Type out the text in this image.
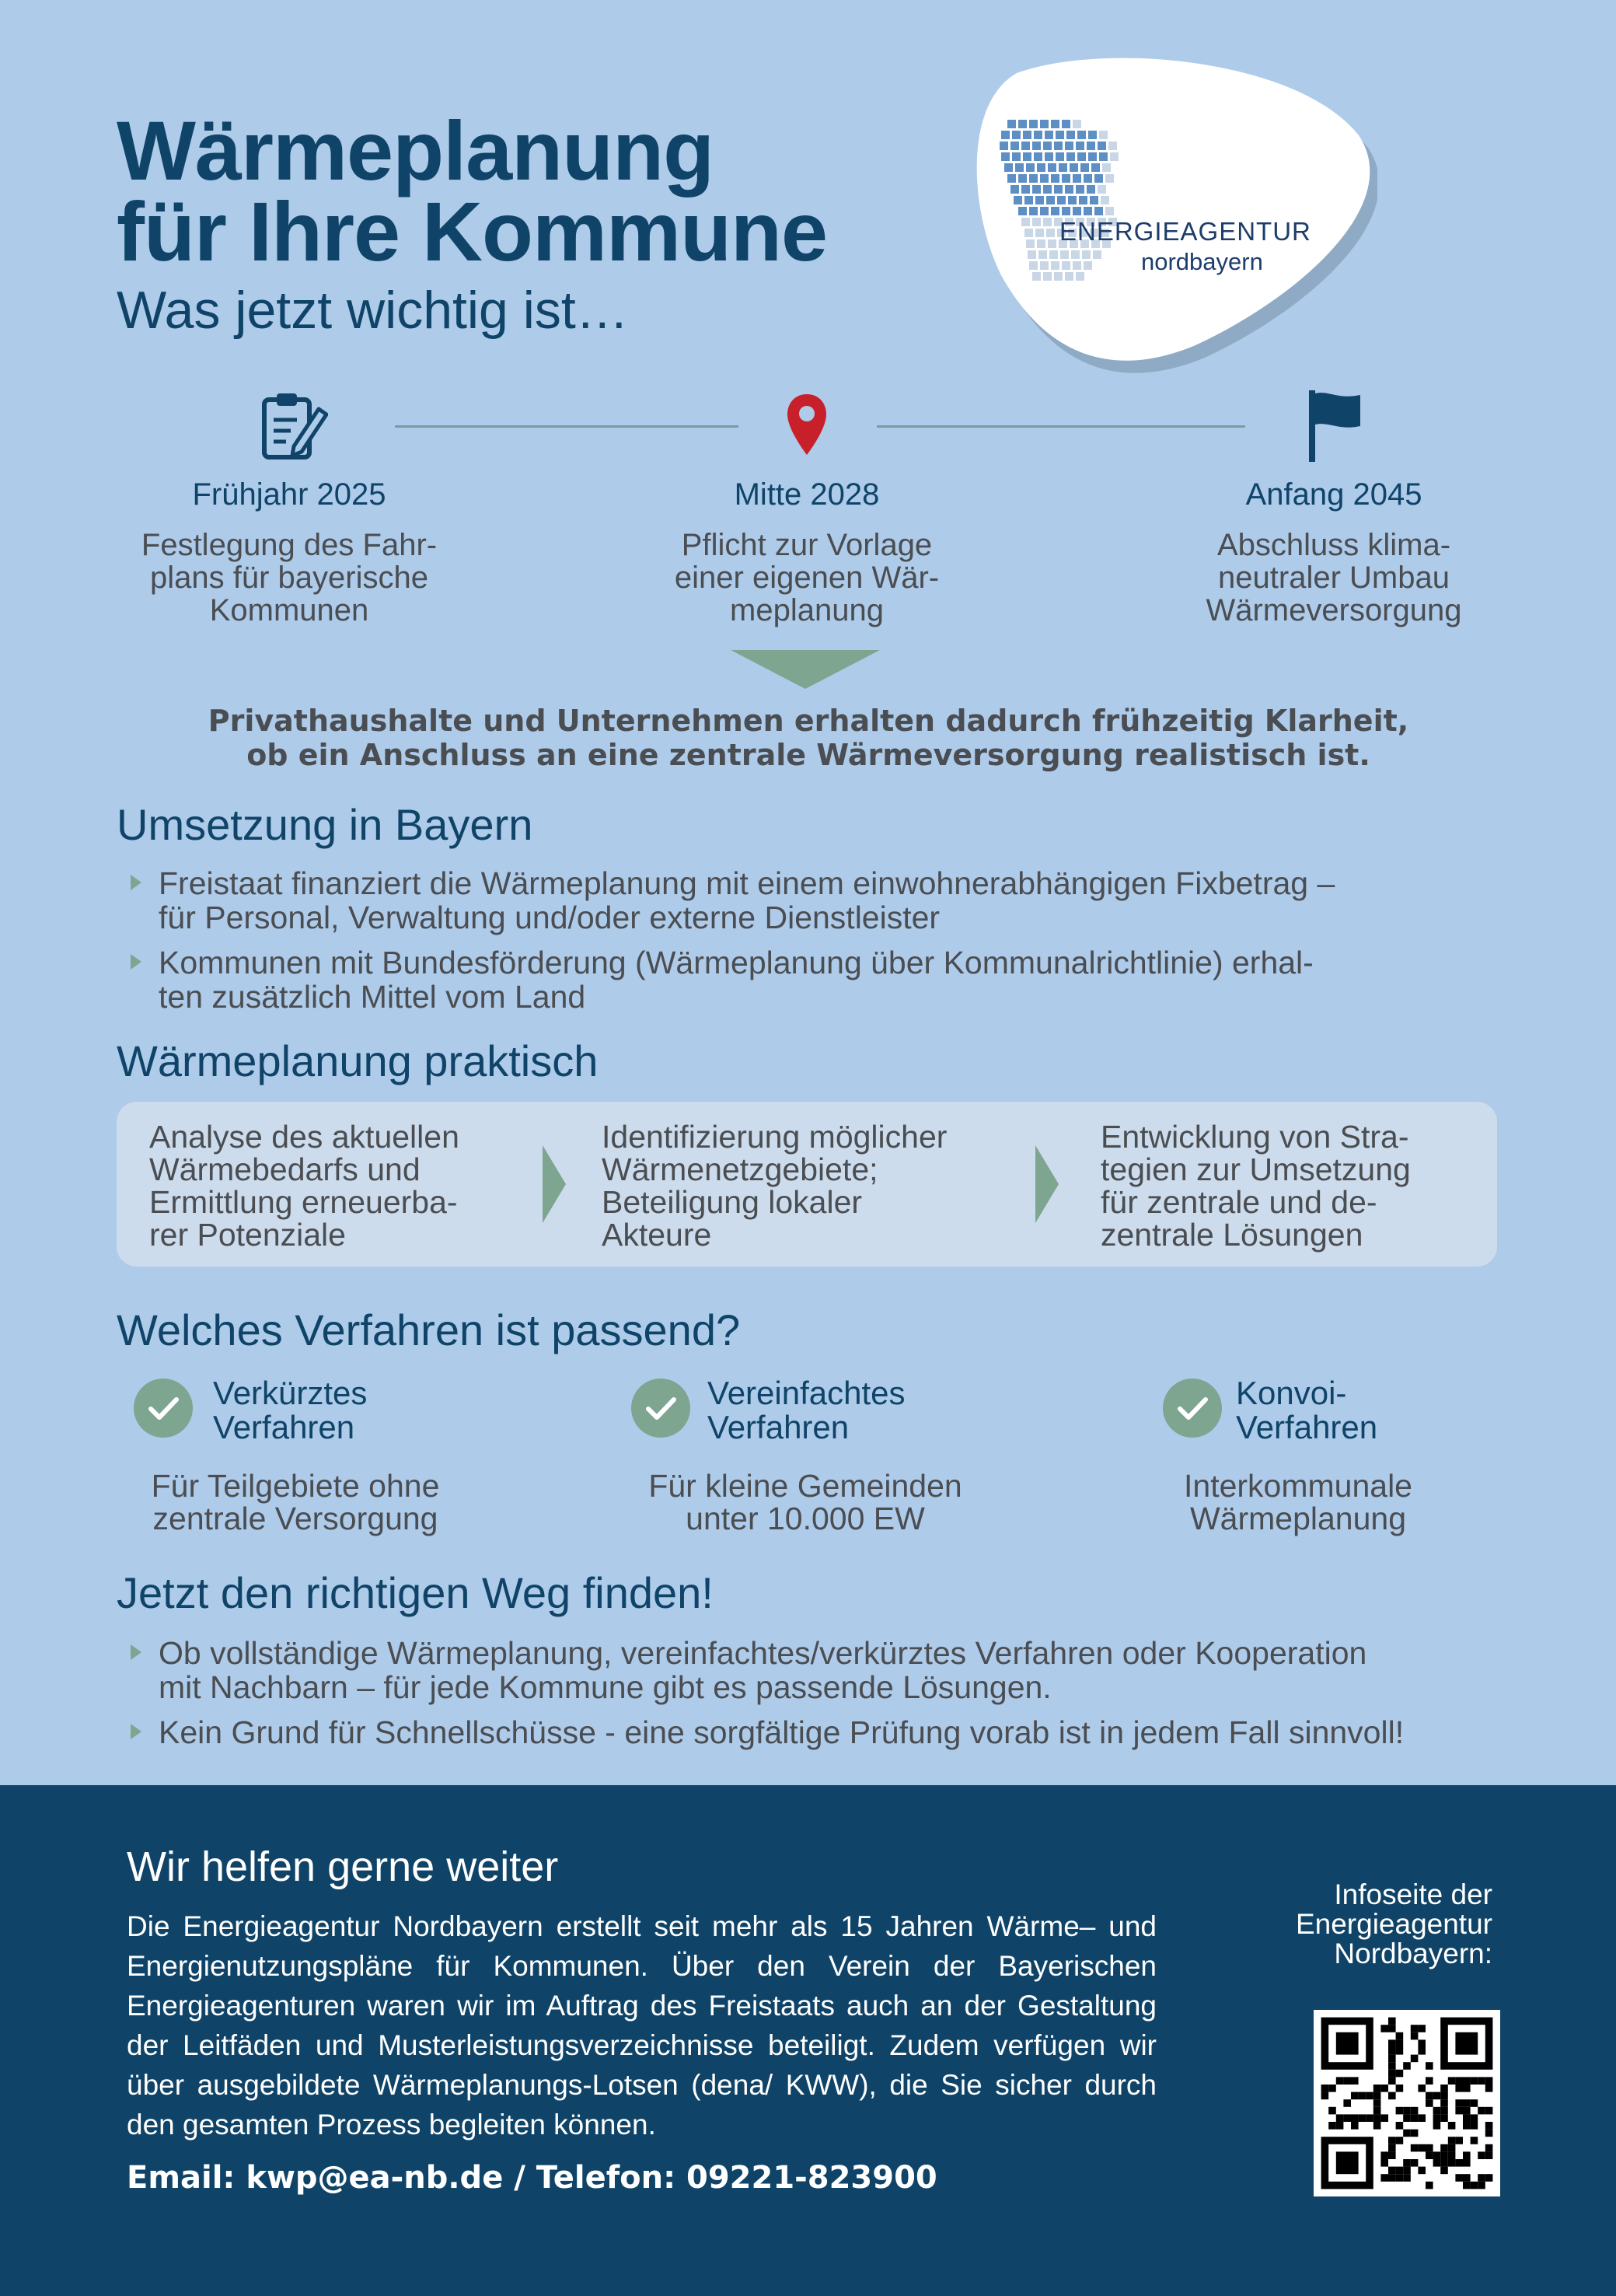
Wärmeplanung
für Ihre Kommune
Was jetzt wichtig ist…
ENERGIEAGENTUR
nordbayern
Frühjahr 2025	Mitte 2028	Anfang 2045
Festlegung des Fahr-
plans für bayerische
Kommunen
Pflicht zur Vorlage
einer eigenen Wär-
meplanung
Abschluss klima-
neutraler Umbau
Wärmeversorgung
Privathaushalte und Unternehmen erhalten dadurch frühzeitig Klarheit,
ob ein Anschluss an eine zentrale Wärmeversorgung realistisch ist.
Umsetzung in Bayern
Freistaat finanziert die Wärmeplanung mit einem einwohnerabhängigen Fixbetrag –
für Personal, Verwaltung und/oder externe Dienstleister
Kommunen mit Bundesförderung (Wärmeplanung über Kommunalrichtlinie) erhal-
ten zusätzlich Mittel vom Land
Wärmeplanung praktisch
Analyse des aktuellen
Wärmebedarfs und
Ermittlung erneuerba-
rer Potenziale
Identifizierung möglicher
Wärmenetzgebiete;
Beteiligung lokaler
Akteure
Entwicklung von Stra-
tegien zur Umsetzung
für zentrale und de-
zentrale Lösungen
Welches Verfahren ist passend?
Verkürztes
Verfahren
Für Teilgebiete ohne
zentrale Versorgung
Vereinfachtes
Verfahren
Für kleine Gemeinden
unter 10.000 EW
Konvoi-
Verfahren
Interkommunale
Wärmeplanung
Jetzt den richtigen Weg finden!
Ob vollständige Wärmeplanung, vereinfachtes/verkürztes Verfahren oder Kooperation
mit Nachbarn – für jede Kommune gibt es passende Lösungen.
Kein Grund für Schnellschüsse - eine sorgfältige Prüfung vorab ist in jedem Fall sinnvoll!
Wir helfen gerne weiter
Die Energieagentur Nordbayern erstellt seit mehr als 15 Jahren Wärme– und Energienutzungspläne für Kommunen. Über den Verein der Bayerischen Energieagenturen waren wir im Auftrag des Freistaats auch an der Gestaltung der Leitfäden und Musterleistungsverzeichnisse beteiligt. Zudem verfügen wir über ausgebildete Wärmeplanungs-Lotsen (dena/ KWW), die Sie sicher durch den gesamten Prozess begleiten können.
Email: kwp@ea-nb.de / Telefon: 09221-823900
Infoseite der
Energieagentur
Nordbayern:
